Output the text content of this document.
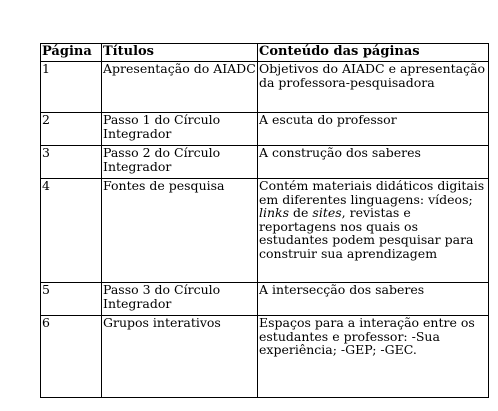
Página	Títulos	Conteúdo das páginas
1	Apresentação do AIADC	Objetivos do AIADC e apresentação da professora-pesquisadora
2	Passo 1 do Círculo Integrador	A escuta do professor
3	Passo 2 do Círculo Integrador	A construção dos saberes
4	Fontes de pesquisa	Contém materiais didáticos digitais em diferentes linguagens: vídeos; links de sites, revistas e reportagens nos quais os estudantes podem pesquisar para construir sua aprendizagem
5	Passo 3 do Círculo Integrador	A intersecção dos saberes
6	Grupos interativos	Espaços para a interação entre os estudantes e professor: -Sua experiência; -GEP; -GEC.
